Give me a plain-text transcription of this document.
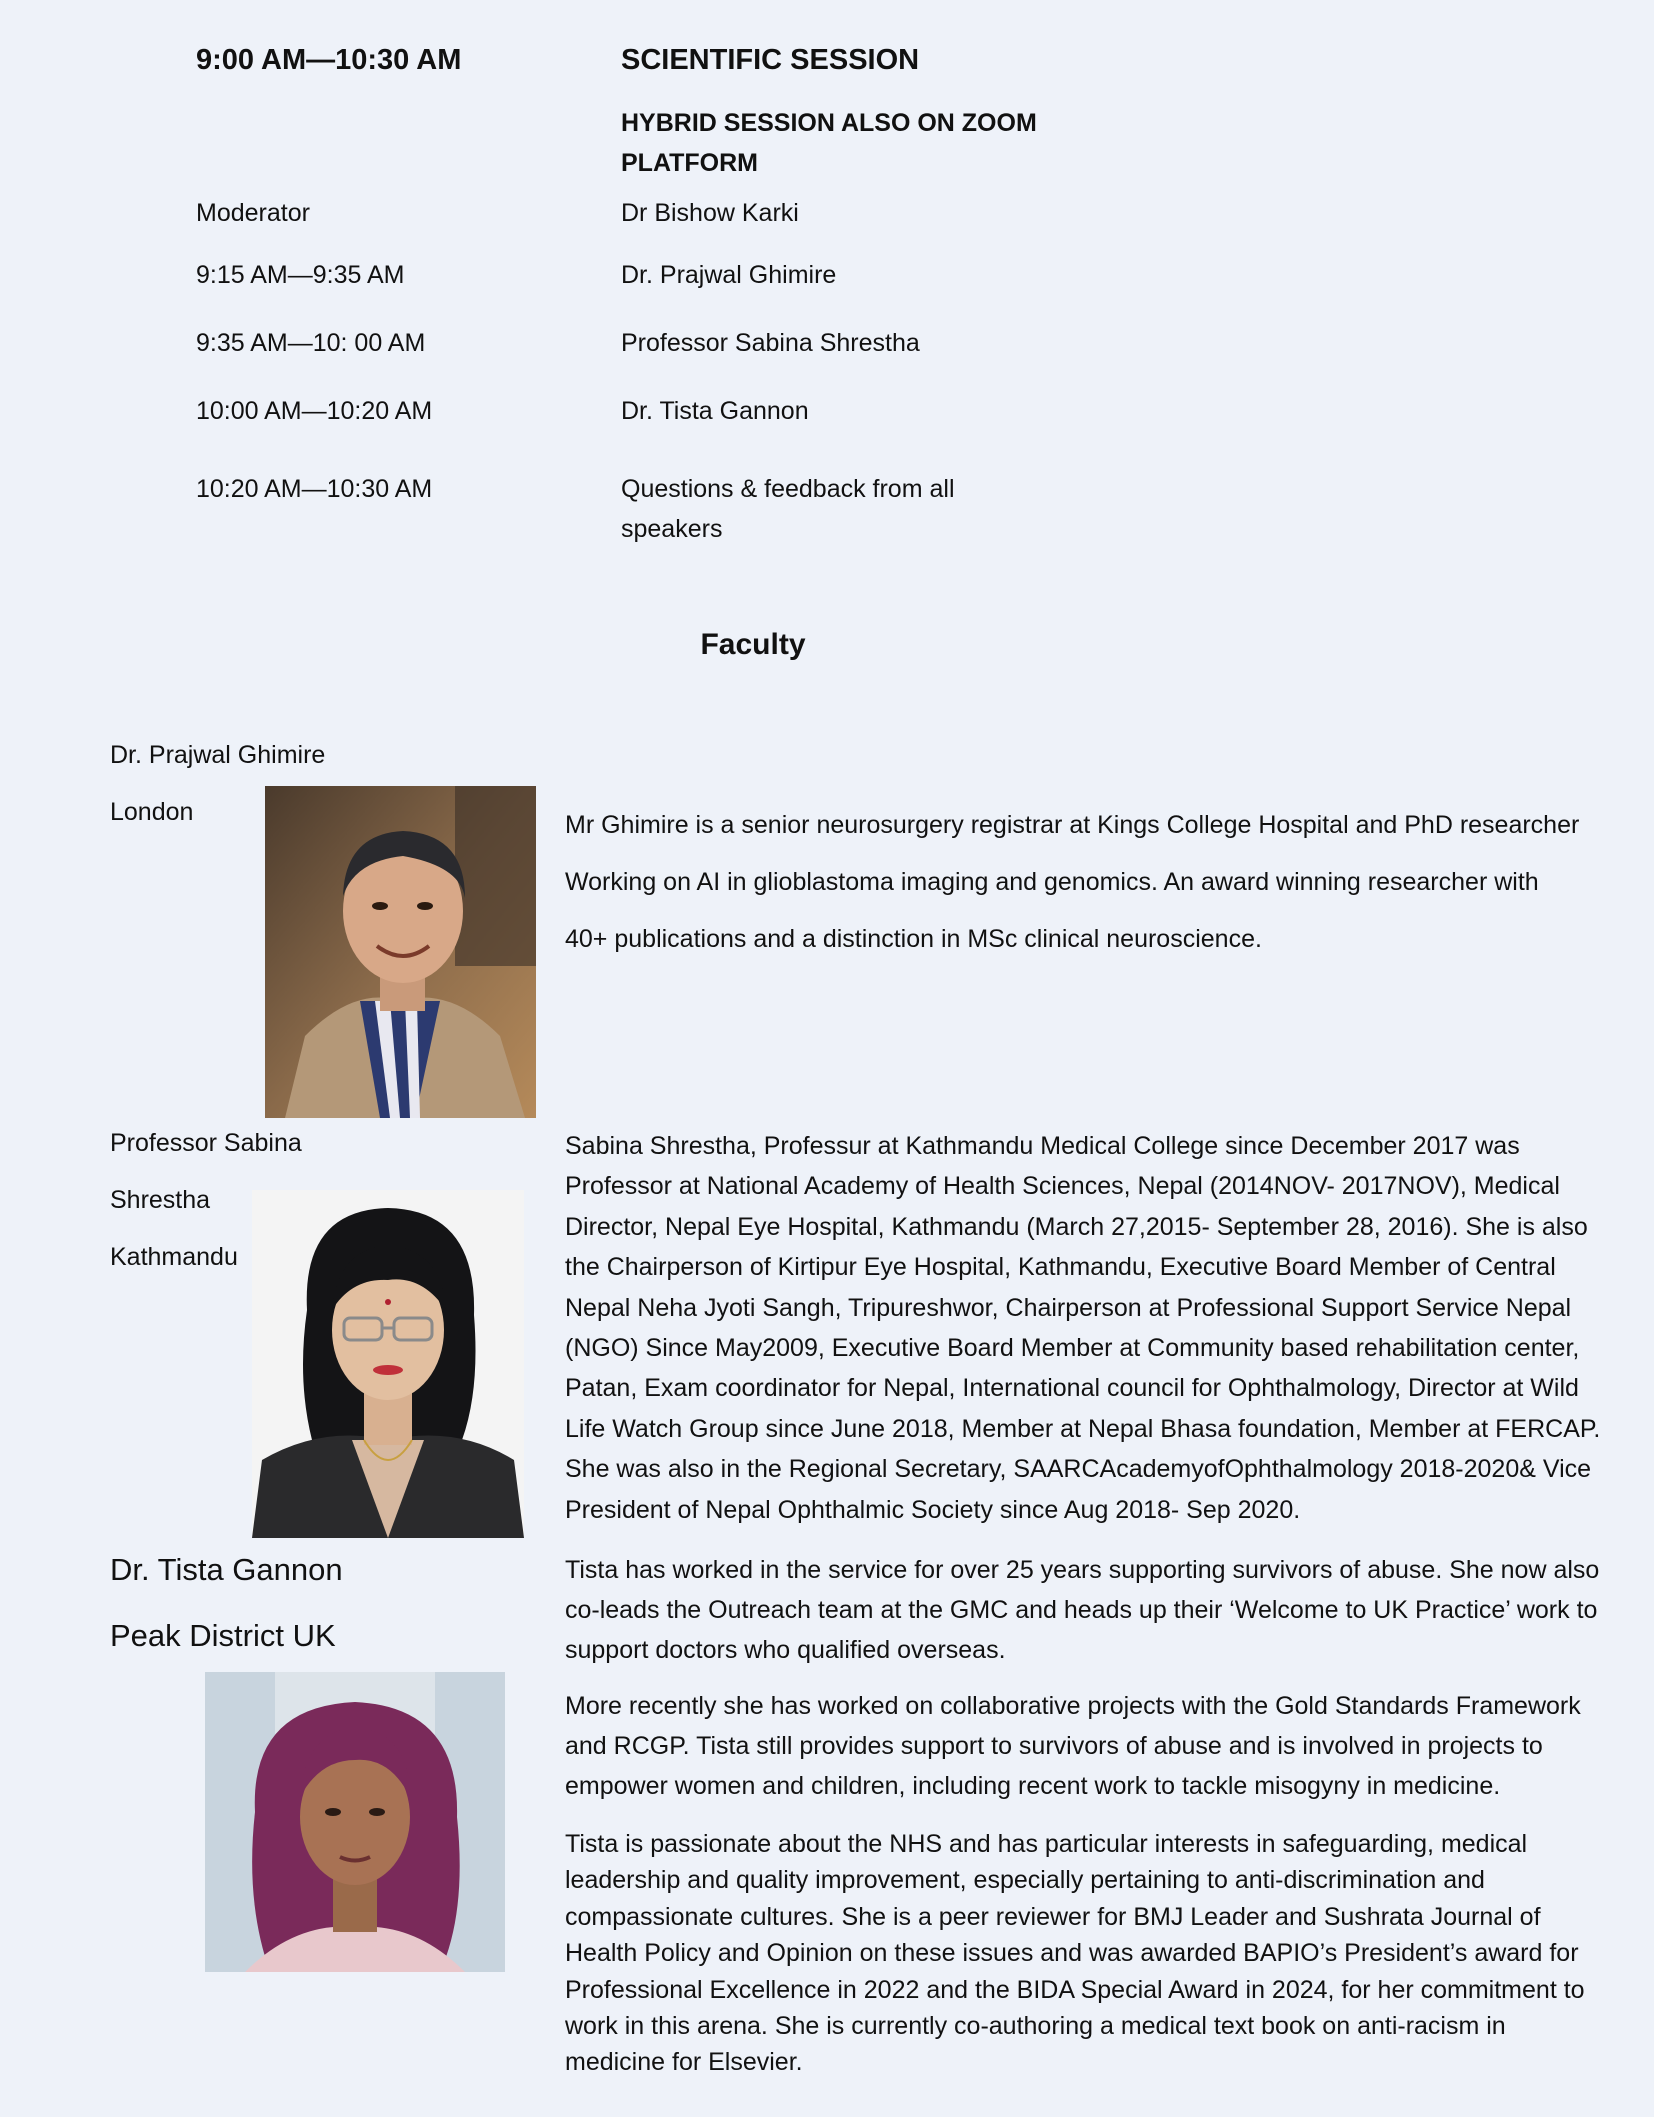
9:00 AM—10:30 AM	SCIENTIFIC SESSION
HYBRID SESSION ALSO ON ZOOM PLATFORM
Moderator	Dr Bishow Karki
9:15 AM—9:35 AM	Dr. Prajwal Ghimire
9:35 AM—10: 00 AM	Professor Sabina Shrestha
10:00 AM—10:20 AM	Dr. Tista Gannon
10:20 AM—10:30 AM	Questions & feedback from all speakers
Faculty
Dr. Prajwal Ghimire
London	Mr Ghimire is a senior neurosurgery registrar at Kings College Hospital and PhD researcher

Working on AI in glioblastoma imaging and genomics. An award winning researcher with

40+ publications and a distinction in MSc clinical neuroscience.

Professor Sabina
Shrestha
Kathmandu
Sabina Shrestha, Professur at Kathmandu Medical College since December 2017 was Professor at National Academy of Health Sciences, Nepal (2014NOV- 2017NOV), Medical Director, Nepal Eye Hospital, Kathmandu (March 27,2015- September 28, 2016). She is also the Chairperson of Kirtipur Eye Hospital, Kathmandu, Executive Board Member of Central Nepal Neha Jyoti Sangh, Tripureshwor, Chairperson at Professional Support Service Nepal (NGO) Since May2009, Executive Board Member at Community based rehabilitation center, Patan, Exam coordinator for Nepal, International council for Ophthalmology, Director at Wild Life Watch Group since June 2018, Member at Nepal Bhasa foundation, Member at FERCAP. She was also in the Regional Secretary, SAARCAcademyofOphthalmology 2018-2020& Vice President of Nepal Ophthalmic Society since Aug 2018- Sep 2020.
Dr. Tista Gannon
Peak District UK
Tista has worked in the service for over 25 years supporting survivors of abuse. She now also co-leads the Outreach team at the GMC and heads up their ‘Welcome to UK Practice’ work to support doctors who qualified overseas.
More recently she has worked on collaborative projects with the Gold Standards Framework and RCGP. Tista still provides support to survivors of abuse and is involved in projects to empower women and children, including recent work to tackle misogyny in medicine.
Tista is passionate about the NHS and has particular interests in safeguarding, medical leadership and quality improvement, especially pertaining to anti-discrimination and compassionate cultures. She is a peer reviewer for BMJ Leader and Sushrata Journal of Health Policy and Opinion on these issues and was awarded BAPIO’s President’s award for Professional Excellence in 2022 and the BIDA Special Award in 2024, for her commitment to work in this arena. She is currently co-authoring a medical text book on anti-racism in medicine for Elsevier.
